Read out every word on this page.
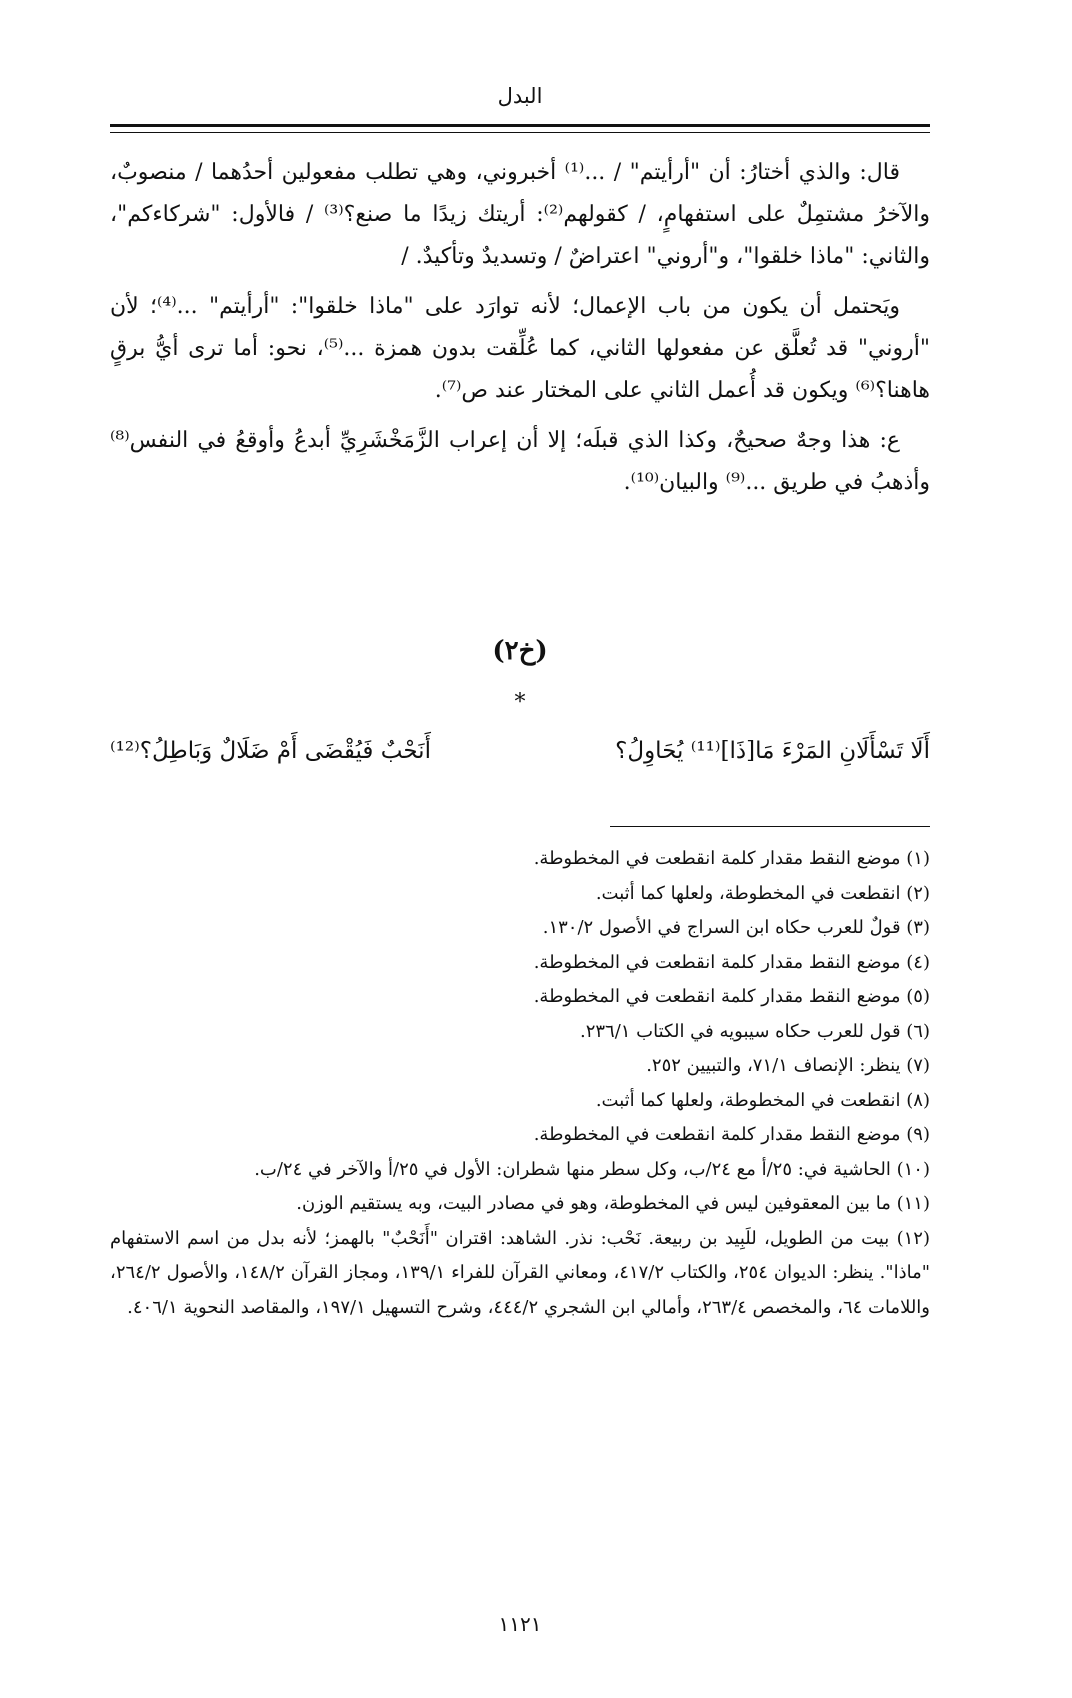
البدل

قال: والذي أختارُ: أن "أرأيتم" / ...⁽¹⁾ أخبروني، وهي تطلب مفعولين أحدُهما / منصوبٌ، والآخرُ مشتمِلٌ على استفهامٍ، / كقولهم⁽²⁾: أريتك زيدًا ما صنع؟⁽³⁾ / فالأول: "شركاءكم"، والثاني: "ماذا خلقوا"، و"أروني" اعتراضٌ / وتسديدٌ وتأكيدٌ. /

ويَحتمل أن يكون من باب الإعمال؛ لأنه توارَد على "ماذا خلقوا": "أرأيتم" ...⁽⁴⁾؛ لأن "أروني" قد تُعلَّق عن مفعولها الثاني، كما عُلِّقت بدون همزة ...⁽⁵⁾، نحو: أما ترى أيُّ برقٍ هاهنا؟⁽⁶⁾ ويكون قد أُعمل الثاني على المختار عند ص⁽⁷⁾.

ع: هذا وجهٌ صحيحٌ، وكذا الذي قبلَه؛ إلا أن إعراب الزَّمَخْشَرِيِّ أبدعُ وأوقعُ في النفس⁽⁸⁾ وأذهبُ في طريق ...⁽⁹⁾ والبيان⁽¹⁰⁾.

(خ٢)
*
أَلَا تَسْأَلَانِ المَرْءَ مَا[ذَا]⁽¹¹⁾ يُحَاوِلُ؟
أَنَحْبٌ فَيُقْضَى أَمْ ضَلَالٌ وَبَاطِلُ؟⁽¹²⁾

(١) موضع النقط مقدار كلمة انقطعت في المخطوطة.

(٢) انقطعت في المخطوطة، ولعلها كما أثبت.

(٣) قولٌ للعرب حكاه ابن السراج في الأصول ١٣٠/٢.

(٤) موضع النقط مقدار كلمة انقطعت في المخطوطة.

(٥) موضع النقط مقدار كلمة انقطعت في المخطوطة.

(٦) قول للعرب حكاه سيبويه في الكتاب ٢٣٦/١.

(٧) ينظر: الإنصاف ٧١/١، والتبيين ٢٥٢.

(٨) انقطعت في المخطوطة، ولعلها كما أثبت.

(٩) موضع النقط مقدار كلمة انقطعت في المخطوطة.

(١٠) الحاشية في: ٢٥/أ مع ٢٤/ب، وكل سطر منها شطران: الأول في ٢٥/أ والآخر في ٢٤/ب.

(١١) ما بين المعقوفين ليس في المخطوطة، وهو في مصادر البيت، وبه يستقيم الوزن.

(١٢) بيت من الطويل، للَبِيد بن ربيعة. نَحْب: نذر. الشاهد: اقتران "أَنَحْبٌ" بالهمز؛ لأنه بدل من اسم الاستفهام "ماذا". ينظر: الديوان ٢٥٤، والكتاب ٤١٧/٢، ومعاني القرآن للفراء ١٣٩/١، ومجاز القرآن ١٤٨/٢، والأصول ٢٦٤/٢، واللامات ٦٤، والمخصص ٢٦٣/٤، وأمالي ابن الشجري ٤٤٤/٢، وشرح التسهيل ١٩٧/١، والمقاصد النحوية ٤٠٦/١.

١١٢١
